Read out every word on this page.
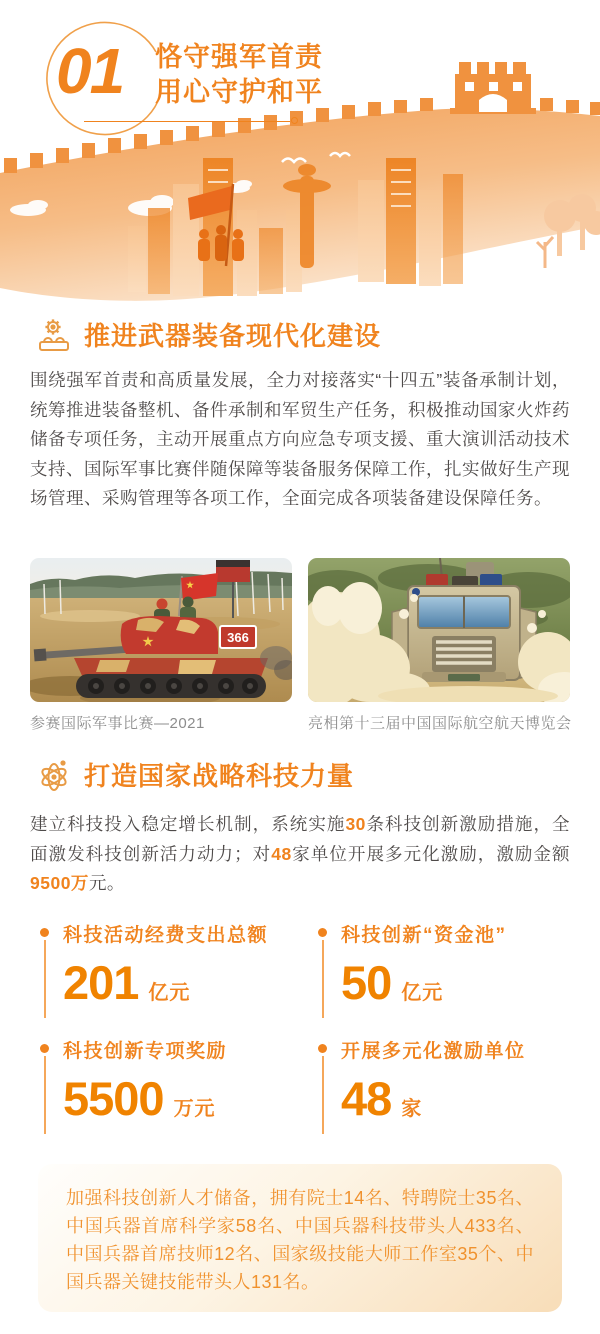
01	恪守强军首责
用心守护和平
推进武器装备现代化建设

围绕强军首责和高质量发展，全力对接落实“十四五”装备承制计划，统筹推进装备整机、备件承制和军贸生产任务，积极推动国家火炸药储备专项任务，主动开展重点方向应急专项支援、重大演训活动技术支持、国际军事比赛伴随保障等装备服务保障工作，扎实做好生产现场管理、采购管理等各项工作，全面完成各项装备建设保障任务。

366
参赛国际军事比赛—2021	亮相第十三届中国国际航空航天博览会
打造国家战略科技力量

建立科技投入稳定增长机制，系统实施30条科技创新激励措施，全面激发科技创新活力动力；对48家单位开展多元化激励，激励金额9500万元。

科技活动经费支出总额
201 亿元
科技创新“资金池”
50 亿元
科技创新专项奖励
5500 万元
开展多元化激励单位
48 家

加强科技创新人才储备，拥有院士14名、特聘院士35名、中国兵器首席科学家58名、中国兵器科技带头人433名、中国兵器首席技师12名、国家级技能大师工作室35个、中国兵器关键技能带头人131名。
